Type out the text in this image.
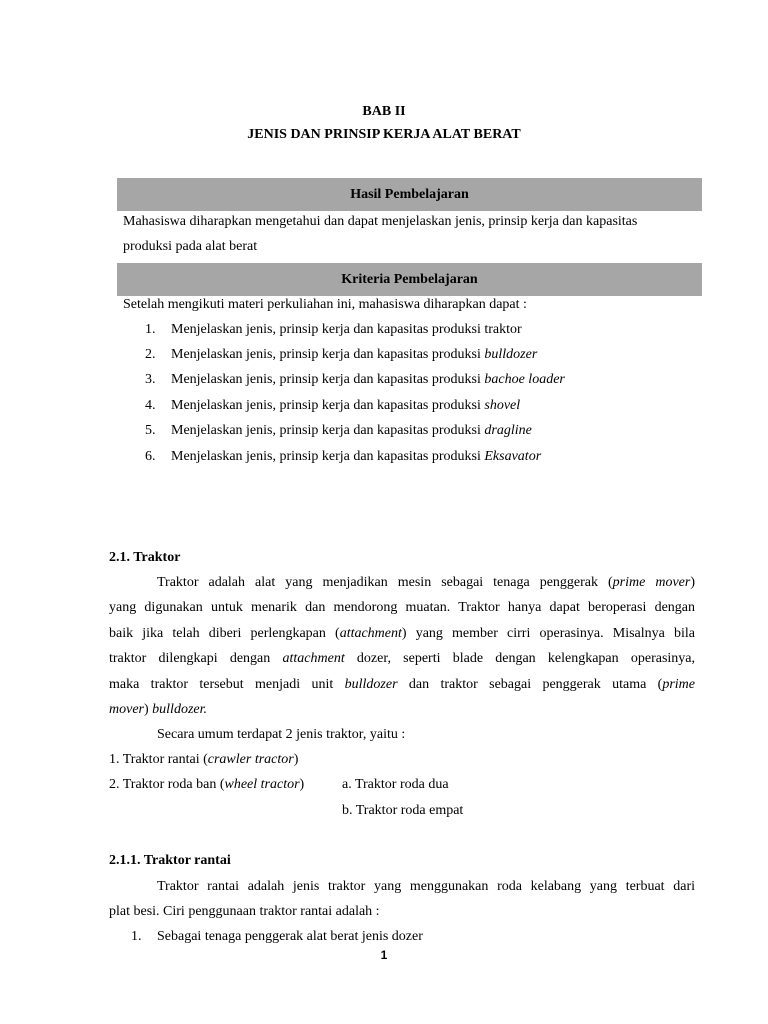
BAB II
JENIS DAN PRINSIP KERJA ALAT BERAT
Hasil Pembelajaran
Mahasiswa diharapkan mengetahui dan dapat menjelaskan jenis, prinsip kerja dan kapasitas
produksi pada alat berat
Kriteria Pembelajaran
Setelah mengikuti materi perkuliahan ini, mahasiswa diharapkan dapat :
1. Menjelaskan jenis, prinsip kerja dan kapasitas produksi traktor
2. Menjelaskan jenis, prinsip kerja dan kapasitas produksi bulldozer
3. Menjelaskan jenis, prinsip kerja dan kapasitas produksi bachoe loader
4. Menjelaskan jenis, prinsip kerja dan kapasitas produksi shovel
5. Menjelaskan jenis, prinsip kerja dan kapasitas produksi dragline
6. Menjelaskan jenis, prinsip kerja dan kapasitas produksi Eksavator
2.1. Traktor
Traktor adalah alat yang menjadikan mesin sebagai tenaga penggerak (prime mover)
yang digunakan untuk menarik dan mendorong muatan. Traktor hanya dapat beroperasi dengan
baik jika telah diberi perlengkapan (attachment) yang member cirri operasinya. Misalnya bila
traktor dilengkapi dengan attachment dozer, seperti blade dengan kelengkapan operasinya,
maka traktor tersebut menjadi unit bulldozer dan traktor sebagai penggerak utama (prime
mover) bulldozer.
Secara umum terdapat 2 jenis traktor, yaitu :
1. Traktor rantai (crawler tractor)
2. Traktor roda ban (wheel tractor)	a. Traktor roda dua
b. Traktor roda empat
2.1.1. Traktor rantai
Traktor rantai adalah jenis traktor yang menggunakan roda kelabang yang terbuat dari
plat besi. Ciri penggunaan traktor rantai adalah :
1. Sebagai tenaga penggerak alat berat jenis dozer
1
